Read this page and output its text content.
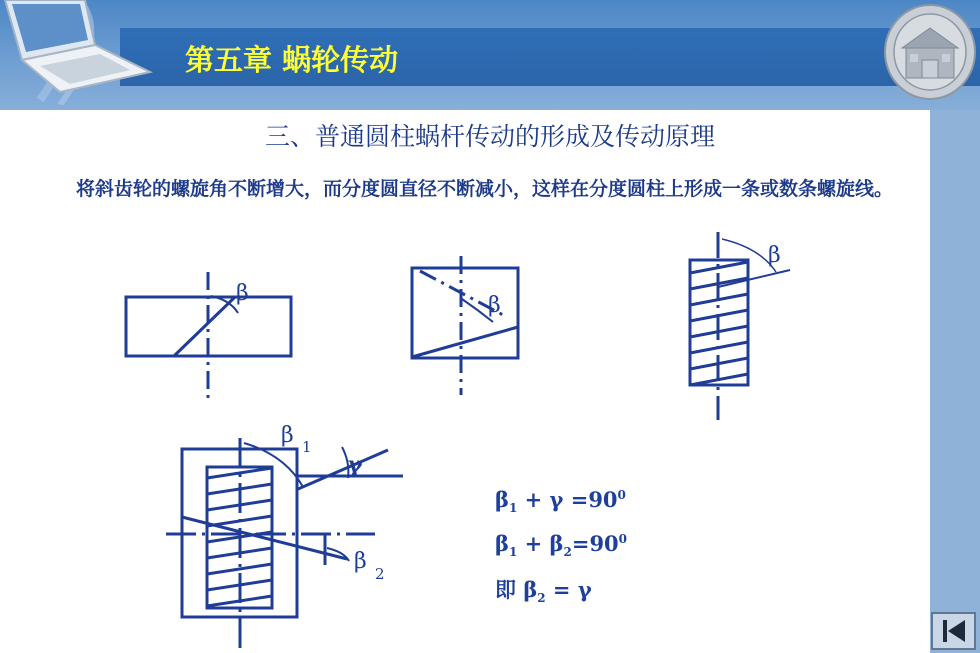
第五章 蜗轮传动
三、普通圆柱蜗杆传动的形成及传动原理
将斜齿轮的螺旋角不断增大，而分度圆直径不断减小，这样在分度圆柱上形成一条或数条螺旋线。
β	β
β
β 1
γ
β 2
$\beta_1 + \gamma =90^0$
$\beta_1 + \beta_2=90^0$
即 $\beta_2 = \gamma$
